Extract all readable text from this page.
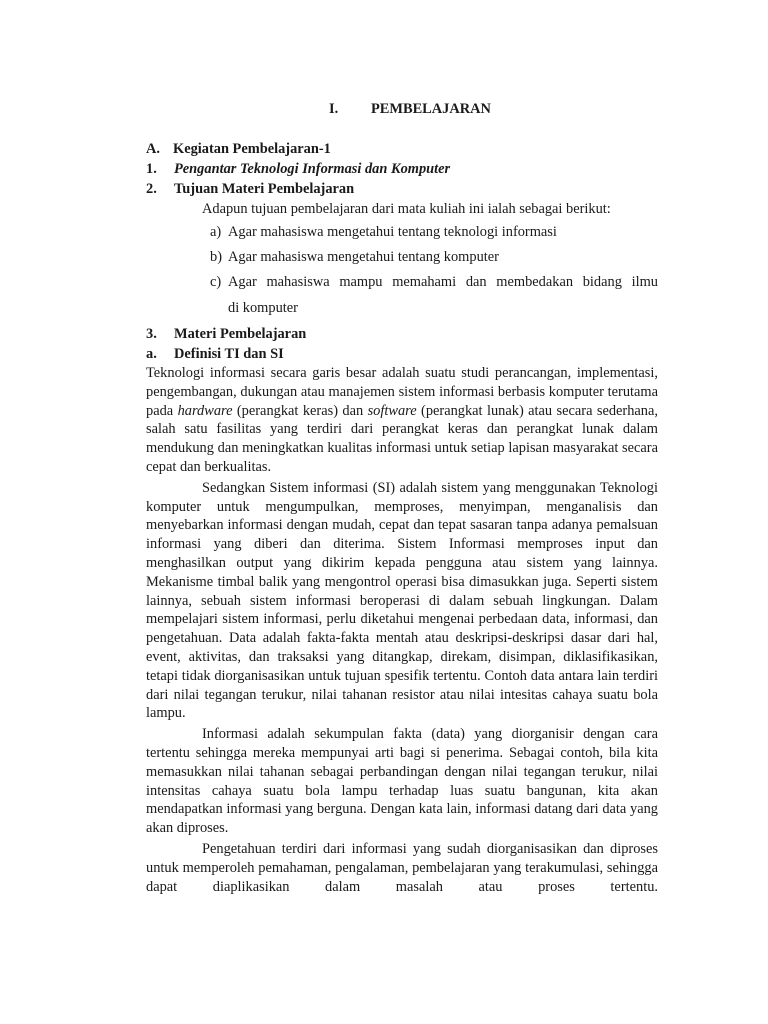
I. PEMBELAJARAN
A. Kegiatan Pembelajaran-1
1. Pengantar Teknologi Informasi dan Komputer
2. Tujuan Materi Pembelajaran
Adapun tujuan pembelajaran dari mata kuliah ini ialah sebagai berikut:
a) Agar mahasiswa mengetahui tentang teknologi informasi
b) Agar mahasiswa mengetahui tentang komputer
c) Agar mahasiswa mampu memahami dan membedakan bidang ilmu
di komputer
3. Materi Pembelajaran
a. Definisi TI dan SI

Teknologi informasi secara garis besar adalah suatu studi perancangan, implementasi, pengembangan, dukungan atau manajemen sistem informasi berbasis komputer terutama pada hardware (perangkat keras) dan software (perangkat lunak) atau secara sederhana, salah satu fasilitas yang terdiri dari perangkat keras dan perangkat lunak dalam mendukung dan meningkatkan kualitas informasi untuk setiap lapisan masyarakat secara cepat dan berkualitas.

Sedangkan Sistem informasi (SI) adalah sistem yang menggunakan Teknologi komputer untuk mengumpulkan, memproses, menyimpan, menganalisis dan menyebarkan informasi dengan mudah, cepat dan tepat sasaran tanpa adanya pemalsuan informasi yang diberi dan diterima. Sistem Informasi memproses input dan menghasilkan output yang dikirim kepada pengguna atau sistem yang lainnya. Mekanisme timbal balik yang mengontrol operasi bisa dimasukkan juga. Seperti sistem lainnya, sebuah sistem informasi beroperasi di dalam sebuah lingkungan. Dalam mempelajari sistem informasi, perlu diketahui mengenai perbedaan data, informasi, dan pengetahuan. Data adalah fakta-fakta mentah atau deskripsi-deskripsi dasar dari hal, event, aktivitas, dan traksaksi yang ditangkap, direkam, disimpan, diklasifikasikan, tetapi tidak diorganisasikan untuk tujuan spesifik tertentu. Contoh data antara lain terdiri dari nilai tegangan terukur, nilai tahanan resistor atau nilai intesitas cahaya suatu bola lampu.

Informasi adalah sekumpulan fakta (data) yang diorganisir dengan cara tertentu sehingga mereka mempunyai arti bagi si penerima. Sebagai contoh, bila kita memasukkan nilai tahanan sebagai perbandingan dengan nilai tegangan terukur, nilai intensitas cahaya suatu bola lampu terhadap luas suatu bangunan, kita akan mendapatkan informasi yang berguna. Dengan kata lain, informasi datang dari data yang akan diproses.

Pengetahuan terdiri dari informasi yang sudah diorganisasikan dan diproses untuk memperoleh pemahaman, pengalaman, pembelajaran yang terakumulasi, sehingga dapat diaplikasikan dalam masalah atau proses tertentu.
